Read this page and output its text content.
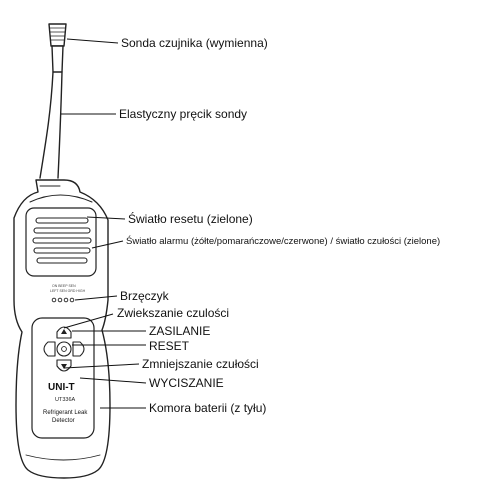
ON BEEP SEN
LEFT SEN GRD HIGH
UNI-T
UT336A
Refrigerant Leak
Detector
Sonda czujnika (wymienna)
Elastyczny pręcik sondy
Światło resetu (zielone)
Światło alarmu (żółte/pomarańczowe/czerwone) / światło czułości (zielone)
Brzęczyk
Zwiekszanie czulości
ZASILANIE
RESET
Zmniejszanie czułości
WYCISZANIE
Komora baterii (z tyłu)
